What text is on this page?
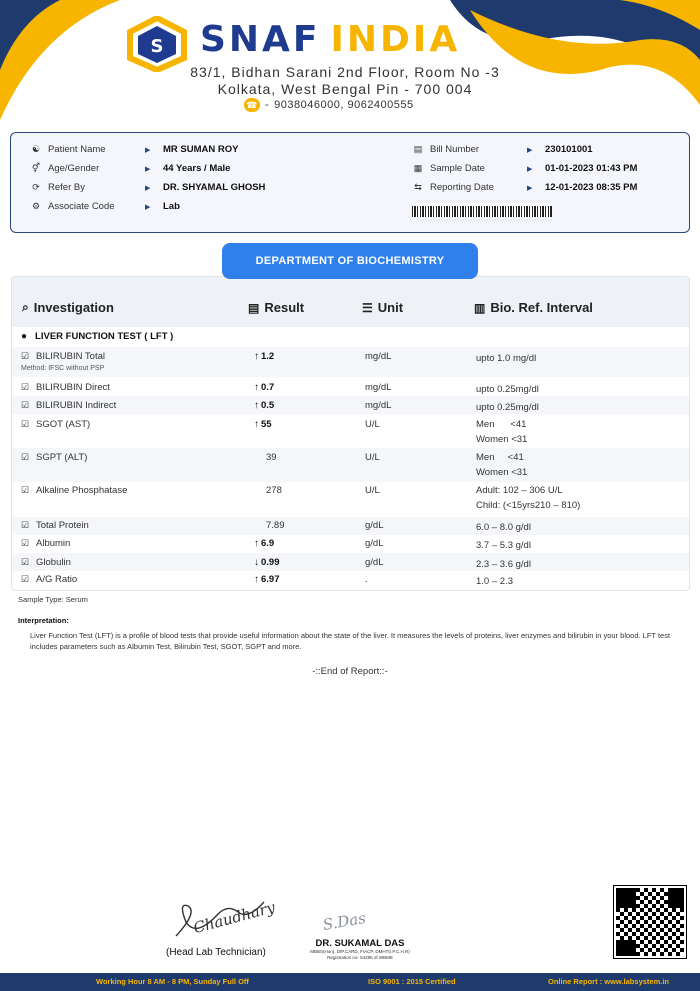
S SNAF INDIA
83/1, Bidhan Sarani 2nd Floor, Room No -3
Kolkata, West Bengal Pin - 700 004
☎ - 9038046000, 9062400555
☯ Patient Name	▶	MR SUMAN ROY
⚥ Age/Gender	▶	44 Years / Male
⟳ Refer By	▶	DR. SHYAMAL GHOSH
⚙ Associate Code	▶	Lab
▤ Bill Number	▶	230101001
▦ Sample Date	▶	01-01-2023 01:43 PM
⇆ Reporting Date	▶	12-01-2023 08:35 PM
⌕ Investigation	▤ Result	☰ Unit	▥ Bio. Ref. Interval
● LIVER FUNCTION TEST ( LFT )
☑ BILIRUBIN Total
Method: IFSC without PSP
↑ 1.2	mg/dL	upto 1.0 mg/dl
☑ BILIRUBIN Direct	↑ 0.7	mg/dL	upto 0.25mg/dl
☑ BILIRUBIN Indirect	↑ 0.5	mg/dL	upto 0.25mg/dl
☑ SGOT (AST)	↑ 55	U/L	Men      <41
Women <31
☑ SGPT (ALT)	39	U/L	Men     <41
Women <31
☑ Alkaline Phosphatase	278	U/L	Adult: 102 – 306 U/L
Child: (<15yrs210 – 810)
☑ Total Protein	7.89	g/dL	6.0 – 8.0 g/dl
☑ Albumin	↑ 6.9	g/dL	3.7 – 5.3 g/dl
☑ Globulin	↓ 0.99	g/dL	2.3 – 3.6 g/dl
☑ A/G Ratio	↑ 6.97	.	1.0 – 2.3
DEPARTMENT OF BIOCHEMISTRY
Sample Type: Serum
Interpretation:
Liver Function Test (LFT) is a profile of blood tests that provide useful information about the state of the liver. It measures the levels of proteins, liver enzymes and bilirubin in your blood. LFT test includes parameters such as Albumin Test, Bilirubin Test, SGOT, SGPT and more.
-::End of Report::-
Chaudhary	S.Das
(Head Lab Technician)
DR. SUKAMAL DAS
MBBS(Hon), DIP.CARD, FIACP, DMHT(I.P.C.H.R)
Registration no- 54285 of WBME
Working Hour 8 AM - 8 PM, Sunday Full Off	ISO 9001 : 2015 Certified	Online Report : www.labsystem.in
